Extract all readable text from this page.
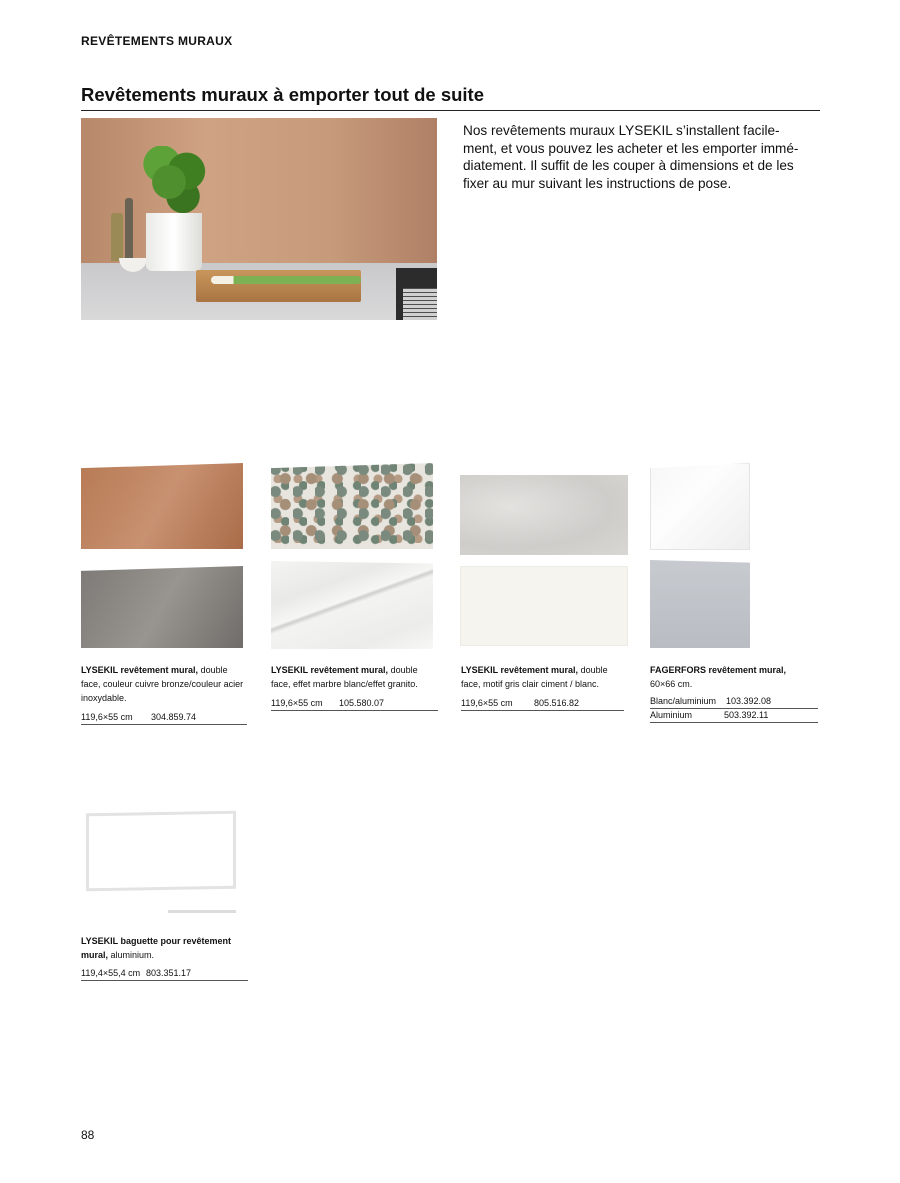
REVÊTEMENTS MURAUX
Revêtements muraux à emporter tout de suite

Nos revêtements muraux LYSEKIL s’installent facile-

ment, et vous pouvez les acheter et les emporter immé-

diatement. Il suffit de les couper à dimensions et de les

fixer au mur suivant les instructions de pose.

LYSEKIL revêtement mural, double face, couleur cuivre bronze/couleur acier inoxydable.
119,6×55 cm	304.859.74
LYSEKIL revêtement mural, double face, effet marbre blanc/effet granito.
119,6×55 cm	105.580.07
LYSEKIL revêtement mural, double face, motif gris clair ciment / blanc.
119,6×55 cm	805.516.82
FAGERFORS revêtement mural,
60×66 cm.
Blanc/aluminium	103.392.08
Aluminium	503.392.11
LYSEKIL baguette pour revêtement mural, aluminium.
119,4×55,4 cm 803.351.17
88
